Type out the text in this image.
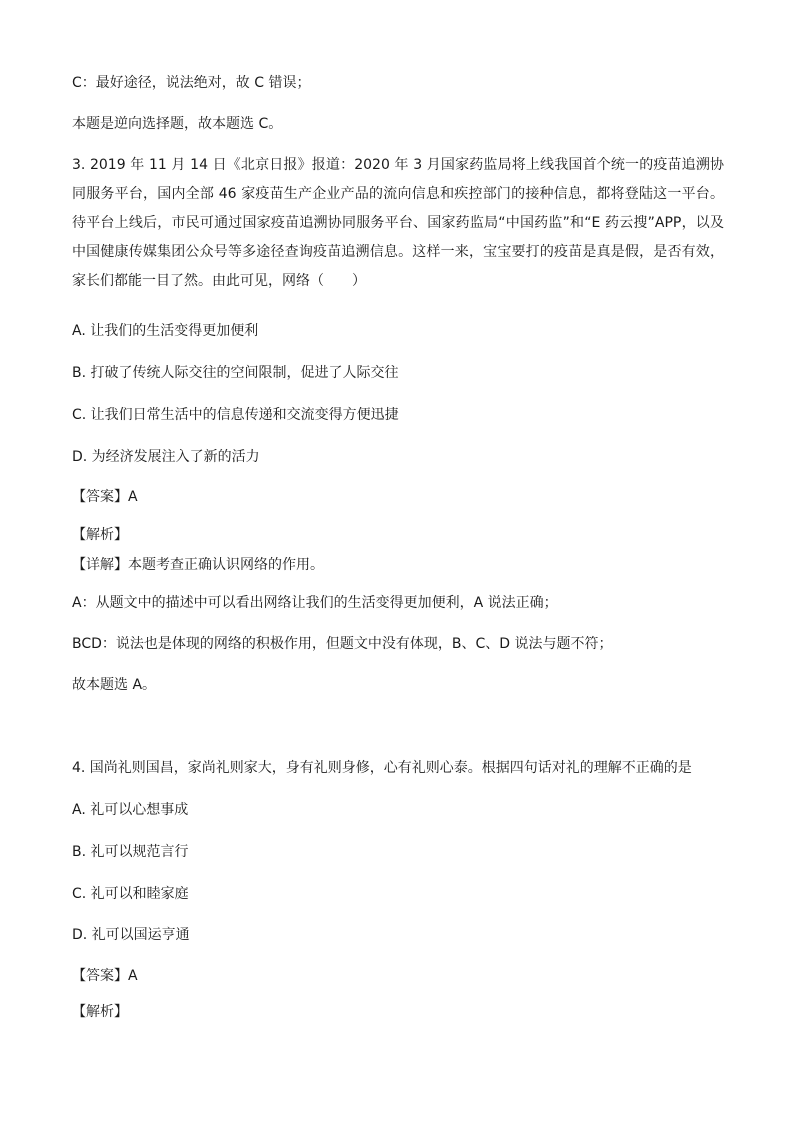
C：最好途径，说法绝对，故 C 错误；
本题是逆向选择题，故本题选 C。
3. 2019 年 11 月 14 日《北京日报》报道：2020 年 3 月国家药监局将上线我国首个统一的疫苗追溯协同服务平台，国内全部 46 家疫苗生产企业产品的流向信息和疾控部门的接种信息，都将登陆这一平台。待平台上线后，市民可通过国家疫苗追溯协同服务平台、国家药监局“中国药监”和“E 药云搜”APP，以及中国健康传媒集团公众号等多途径查询疫苗追溯信息。这样一来，宝宝要打的疫苗是真是假，是否有效，家长们都能一目了然。由此可见，网络（　　）
A. 让我们的生活变得更加便利
B. 打破了传统人际交往的空间限制，促进了人际交往
C. 让我们日常生活中的信息传递和交流变得方便迅捷
D. 为经济发展注入了新的活力
【答案】A
【解析】
【详解】本题考查正确认识网络的作用。
A：从题文中的描述中可以看出网络让我们的生活变得更加便利，A 说法正确；
BCD：说法也是体现的网络的积极作用，但题文中没有体现，B、C、D 说法与题不符；
故本题选 A。
4. 国尚礼则国昌，家尚礼则家大，身有礼则身修，心有礼则心泰。根据四句话对礼的理解不正确的是
A. 礼可以心想事成
B. 礼可以规范言行
C. 礼可以和睦家庭
D. 礼可以国运亨通
【答案】A
【解析】
